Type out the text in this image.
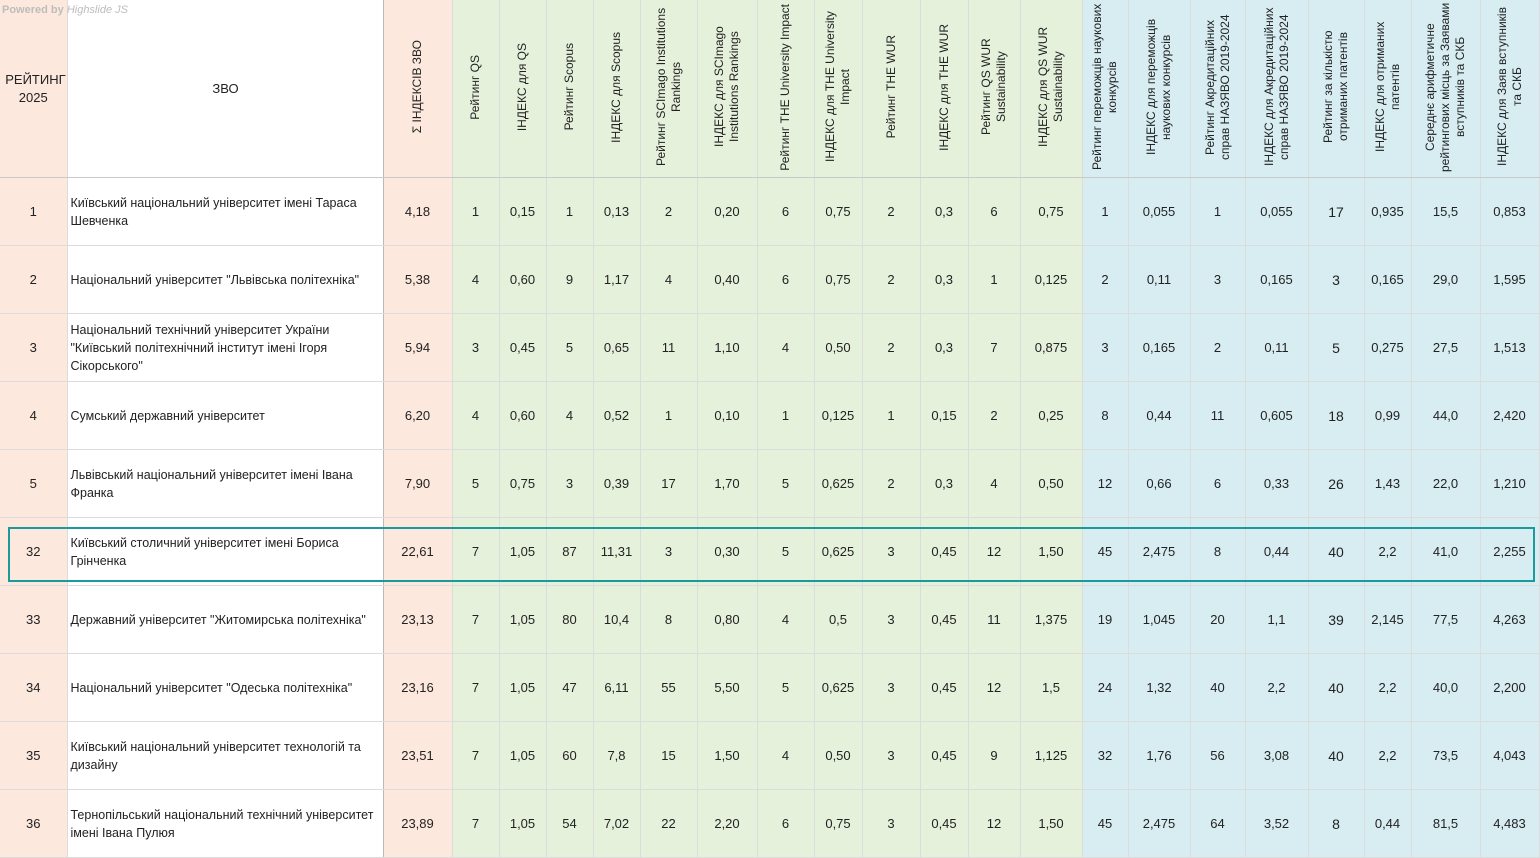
Powered by Highslide JS
РЕЙТИНГ 2025	ЗВО	Σ ІНДЕКСІВ ЗВО	Рейтинг QS	ІНДЕКС для QS	Рейтинг Scopus	ІНДЕКС для Scopus	Рейтинг SCImago Institutions Rankings	ІНДЕКС для SCImago Institutions Rankings	Рейтинг THE University Impact	ІНДЕКС для THE University Impact	Рейтинг THE WUR	ІНДЕКС для THE WUR	Рейтинг QS WUR Sustainability	ІНДЕКС для QS WUR Sustainability	Рейтинг переможців наукових конкурсів	ІНДЕКС для переможців наукових конкурсів	Рейтинг Акредитаційних справ НАЗЯВО 2019-2024	ІНДЕКС для Акредитаційних справ НАЗЯВО 2019-2024	Рейтинг за кількістю отриманих патентів	ІНДЕКС для отриманих патентів	Середнє арифметичне рейтингових місць за Заявами вступників та СКБ	ІНДЕКС для Заяв вступників та СКБ
1	Київський національний університет імені Тараса Шевченка	4,18	1	0,15	1	0,13	2	0,20	6	0,75	2	0,3	6	0,75	1	0,055	1	0,055	17	0,935	15,5	0,853
2	Національний університет "Львівська політехніка"	5,38	4	0,60	9	1,17	4	0,40	6	0,75	2	0,3	1	0,125	2	0,11	3	0,165	3	0,165	29,0	1,595
3	Національний технічний університет України "Київський політехнічний інститут імені Ігоря Сікорського"	5,94	3	0,45	5	0,65	11	1,10	4	0,50	2	0,3	7	0,875	3	0,165	2	0,11	5	0,275	27,5	1,513
4	Сумський державний університет	6,20	4	0,60	4	0,52	1	0,10	1	0,125	1	0,15	2	0,25	8	0,44	11	0,605	18	0,99	44,0	2,420
5	Львівський національний університет імені Івана Франка	7,90	5	0,75	3	0,39	17	1,70	5	0,625	2	0,3	4	0,50	12	0,66	6	0,33	26	1,43	22,0	1,210
32	Київський столичний університет імені Бориса Грінченка	22,61	7	1,05	87	11,31	3	0,30	5	0,625	3	0,45	12	1,50	45	2,475	8	0,44	40	2,2	41,0	2,255
33	Державний університет "Житомирська політехніка"	23,13	7	1,05	80	10,4	8	0,80	4	0,5	3	0,45	11	1,375	19	1,045	20	1,1	39	2,145	77,5	4,263
34	Національний університет "Одеська політехніка"	23,16	7	1,05	47	6,11	55	5,50	5	0,625	3	0,45	12	1,5	24	1,32	40	2,2	40	2,2	40,0	2,200
35	Київський національний університет технологій та дизайну	23,51	7	1,05	60	7,8	15	1,50	4	0,50	3	0,45	9	1,125	32	1,76	56	3,08	40	2,2	73,5	4,043
36	Тернопільський національний технічний університет імені Івана Пулюя	23,89	7	1,05	54	7,02	22	2,20	6	0,75	3	0,45	12	1,50	45	2,475	64	3,52	8	0,44	81,5	4,483
